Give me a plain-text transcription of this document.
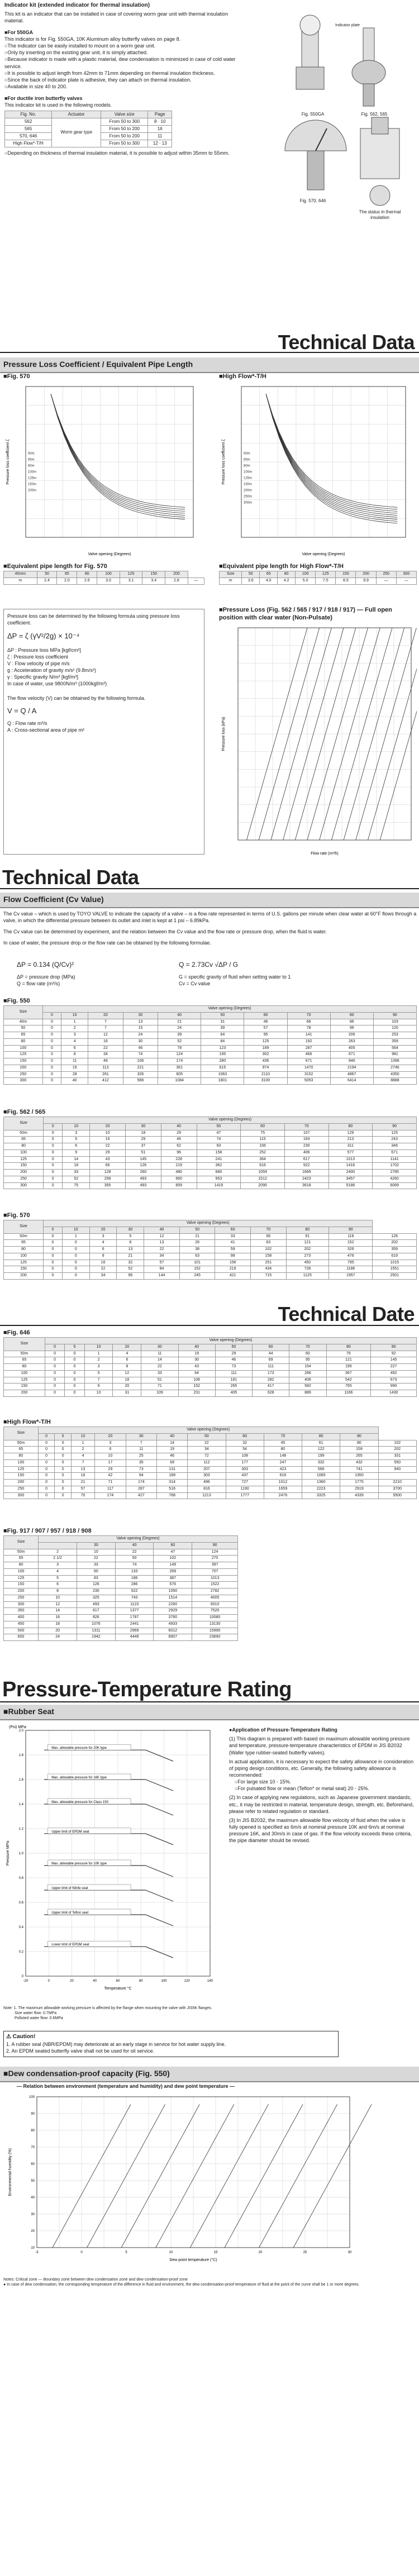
Indicator kit (extended indicator for thermal insulation)
This kit is an indicator that can be installed in case of covering worm gear unit with thermal insulation material.
■For 550GA
This indicator is for Fig. 550GA, 10K Aluminum alloy butterfly valves on page 8.
○The indicator can be easily installed to mount on a worm gear unit.
○Only by inserting on the existing gear unit, it is simply attached.
○Because indicator is made with a plastic material, dew condensation is minimized in case of cold water service.
○It is possible to adjust length from 42mm to 71mm depending on thermal insulation thickness.
○Since the back of indicator plate is adhesive, they can attach on thermal insulation.
○Available in size 40 to 200.
■For ductile iron butterfly valves
This indicator kit is used in the following models.
Fig. No.	Actuator	Valve size	Page
562	Worm gear type	From 50 to 300	8 · 10
565		From 50 to 200	16
570, 646		From 50 to 200	11
High Flow*-T/H		From 50 to 300	12 · 13
○Depending on thickness of thermal insulation material, it is possible to adjust within 35mm to 55mm.
Indicator plate
Fig. 550GA	Fig. 562, 565
Fig. 570, 646
The status in thermal insulation
Technical Data
Pressure Loss Coefficient / Equivalent Pipe Length
■Fig. 570	■High Flow*-T/H
50m
65m
80m
100m
125m
150m
200m
Valve opening (Degrees)
Pressure loss coefficient ζ	50m
65m
80m
100m
125m
150m
200m
250m
300m
Valve opening (Degrees)
Pressure loss coefficient ζ
■Equivalent pipe length for Fig. 570
40mm	50	65	80	100	125	150	200	
m	2.4	2.0	2.6	3.0	3.1	3.4	2.8	—
■Equivalent pipe length for High Flow*-T/H
Size	50	65	80	100	125	150	200	250	300
m	3.6	4.0	4.2	5.0	7.5	8.5	9.9	—	—
Pressure loss can be determined by the following formula using pressure loss coefficient.
ΔP = ζ (γV²/2g) × 10⁻⁴
ΔP : Pressure loss MPa [kgf/cm²]
ζ : Pressure loss coefficient
V : Flow velocity of pipe m/s
g : Acceleration of gravity m/s² (9.8m/s²)
γ : Specific gravity N/m³ [kgf/m³]
In case of water, use 9800N/m³ (1000kgf/m³)
The flow velocity (V) can be obtained by the following formula.
V = Q / A
Q : Flow rate m³/s
A : Cross-sectional area of pipe m²
■Pressure Loss (Fig. 562 / 565 / 917 / 918 / 917) — Full open position with clear water (Non-Pulsate)
Flow rate (m³/h)
Pressure loss (kPa)
Technical Data
Flow Coefficient (Cv Value)
The Cv value – which is used by TOYO VALVE to indicate the capacity of a valve – is a flow rate represented in terms of U.S. gallons per minute when clear water at 60°F flows through a valve, in which the differential pressure between its outlet and inlet is kept at 1 psi – 6.89kPa.
The Cv value can be determined by experiment, and the relation between the Cv value and the flow rate or pressure drop, when the fluid is water.
In case of water, the pressure drop or the flow rate can be obtained by the following formulae.
ΔP = 0.134 (Q/Cv)²
ΔP = pressure drop (MPa)
Q = flow rate (m³/s)
Q = 2.73Cv √ΔP / G
G = specific gravity of fluid when setting water to 1
Cv = Cv value
■Fig. 550
Size	Valve opening (Degrees)									
	0	10	20	30	40	50	60	70	80	90
40m	0	1	7	13	21	31	46	66	86	103
50	0	2	7	15	24	39	57	78	96	120
65	0	3	12	24	39	64	95	141	206	253
80	0	4	16	30	52	84	125	192	263	359
100	0	6	22	46	78	123	189	287	405	564
125	0	8	34	74	124	195	302	466	671	981
150	0	11	49	106	174	280	436	671	946	1398
200	0	19	113	221	361	615	974	1470	2194	2746
250	0	28	261	326	605	1063	2110	3152	4867	4350
300	0	40	412	566	1084	1801	3100	5053	6414	8888
■Fig. 562 / 565
Size	Valve opening (Degrees)									
	0	10	20	30	40	50	60	70	80	90
50m	0	3	10	18	29	47	75	107	129	125
65	0	5	16	29	46	74	115	164	213	243
80	0	6	22	37	62	93	156	230	311	346
100	0	9	29	51	96	158	252	406	577	671
125	0	14	43	145	228	241	364	617	1013	1141
150	0	18	66	126	219	362	616	922	1416	1702
200	0	33	128	260	480	680	1059	1669	2400	2785
250	0	52	258	493	660	953	1512	2423	3457	4260
300	0	75	355	493	859	1419	2090	3618	5188	6069
■Fig. 570
Size	Valve opening (Degrees)										
	0	10	20	30	40	50	60	70	80	90	
50m	0	1	3	5	12	21	33	56	91	118	126
65	0	0	4	8	13	26	41	63	121	152	202
80	0	0	6	13	22	38	59	102	202	326	359
100	0	0	9	21	34	63	98	158	273	476	619
125	0	0	16	32	57	101	156	251	450	795	1015
150	0	0	22	52	84	152	219	434	728	1186	1551
200	0	0	34	96	144	245	421	715	1125	1957	2501
Technical Date
■Fig. 646
Size	Valve opening (Degrees)										
	0	5	10	20	30	40	50	60	70	80	90
50m	0	0	1	4	11	19	29	44	60	76	92
65	0	0	2	6	14	30	46	69	95	121	145
80	0	0	3	8	22	43	73	111	154	195	227
100	0	0	5	12	33	64	111	173	266	367	492
125	0	0	7	18	51	106	181	282	406	542	673
150	0	0	9	20	71	152	265	417	582	765	990
200	0	0	10	31	109	231	405	628	889	1166	1430
■High Flow*-T/H
Size	Valve opening (Degrees)											
	0	5	10	20	30	40	50	60	70	80	90	
50m	0	0	1	3	7	14	22	32	45	61	80	102
65	0	0	2	6	11	19	34	54	80	122	159	202
80	0	0	4	10	25	46	72	108	148	199	265	331
100	0	0	7	17	35	69	112	177	247	332	432	550
125	0	0	13	29	73	131	207	303	423	566	741	940
150	0	0	16	42	94	189	303	437	616	1065	1350	
200	0	0	21	71	174	314	496	727	1012	1360	1775	2210
250	0	0	57	117	287	516	816	1190	1659	2223	2919	3700
300	0	0	70	174	427	768	1213	1777	2476	3325	4339	5500
■Fig. 917 / 907 / 957 / 918 / 908
Size	Valve opening (Degrees)				
		30	40	60	90
50m	2	10	22	47	124
65	2 1/2	22	50	102	270
80	3	33	74	149	397
100	4	60	133	269	707
125	5	83	186	387	1013
150	6	126	286	576	1522
200	8	230	522	1050	2782
250	10	325	743	1514	4005
300	12	493	1123	2260	6010
350	14	617	1377	2929	7520
400	16	826	1787	3760	10080
450	18	1076	2441	4933	13130
500	20	1311	2969	6012	15990
600	24	1942	4449	8907	23690
Pressure-Temperature Rating
■Rubber Seat
0
0.2
0.4
0.6
0.8
1.0
1.2
1.4
1.6
1.8
2.0
-20	0	20	40	60	80	100	120	140
Max. allowable pressure for 20K type
Max. allowable pressure for 16K type
Max. allowable pressure for Class 150
Upper limit of EPDM seat
Max. allowable pressure for 10K type
Upper limit of Nitrile seat
Upper limit of Teflon seat
Lower limit of EPDM seat
(Psi) MPa
Temperature °C
Pressure MPa
●Application of Pressure-Temperature Rating
(1) This diagram is prepared with based on maximum allowable working pressure and temperature, pressure-temperature characteristics of EPDM in JIS B2032 (Wafer type rubber-seated butterfly valves).
In actual application, it is necessary to expect the safety allowance in consideration of piping design conditions, etc. Generally, the following safety allowance is recommended:
○For large size 10 - 15%.
○For pulsated flow or mean (Teflon* or metal seat) 20 - 25%.
(2) In case of applying new regulations, such as Japanese government standards, etc., it may be restricted in material, temperature design, strength, etc. Beforehand, please refer to related regulation or standard.
(3) In JIS B2032, the maximum allowable flow velocity of fluid when the valve is fully opened is specified as 6m/s at nominal pressure 10K and 6m/s at nominal pressure 16K, and 30m/s in case of gas. If the flow velocity exceeds these criteria, the pipe diameter should be revised.
Note: 1. The maximum allowable working pressure is affected by the flange when mounting the valve with JIS5K flanges.
Size water flow: 0.7MPa
Polluted water flow: 0.6MPa
⚠ Caution!
1. A rubber seal (NBR/EPDM) may deteriorate at an early stage in service for hot water supply line.
2. An EPDM seated butterfly valve shall not be used for oil service.
■Dew condensation-proof capacity (Fig. 550)
— Relation between environment (temperature and humidity) and dew point temperature —
10
20
30
40
50
60
70
80
90
100
-5	0	5	10	15	20	25	30
Dew point temperature (°C)
Environmental humidity (%)
Notes: Critical zone — Boundary zone between dew condensation zone and dew condensation-proof zone
● In case of dew condensation, the corresponding temperature of the difference in fluid and environment, the dew condensation-proof temperature of fluid at the point of the curve shall be 1 or more degrees.
